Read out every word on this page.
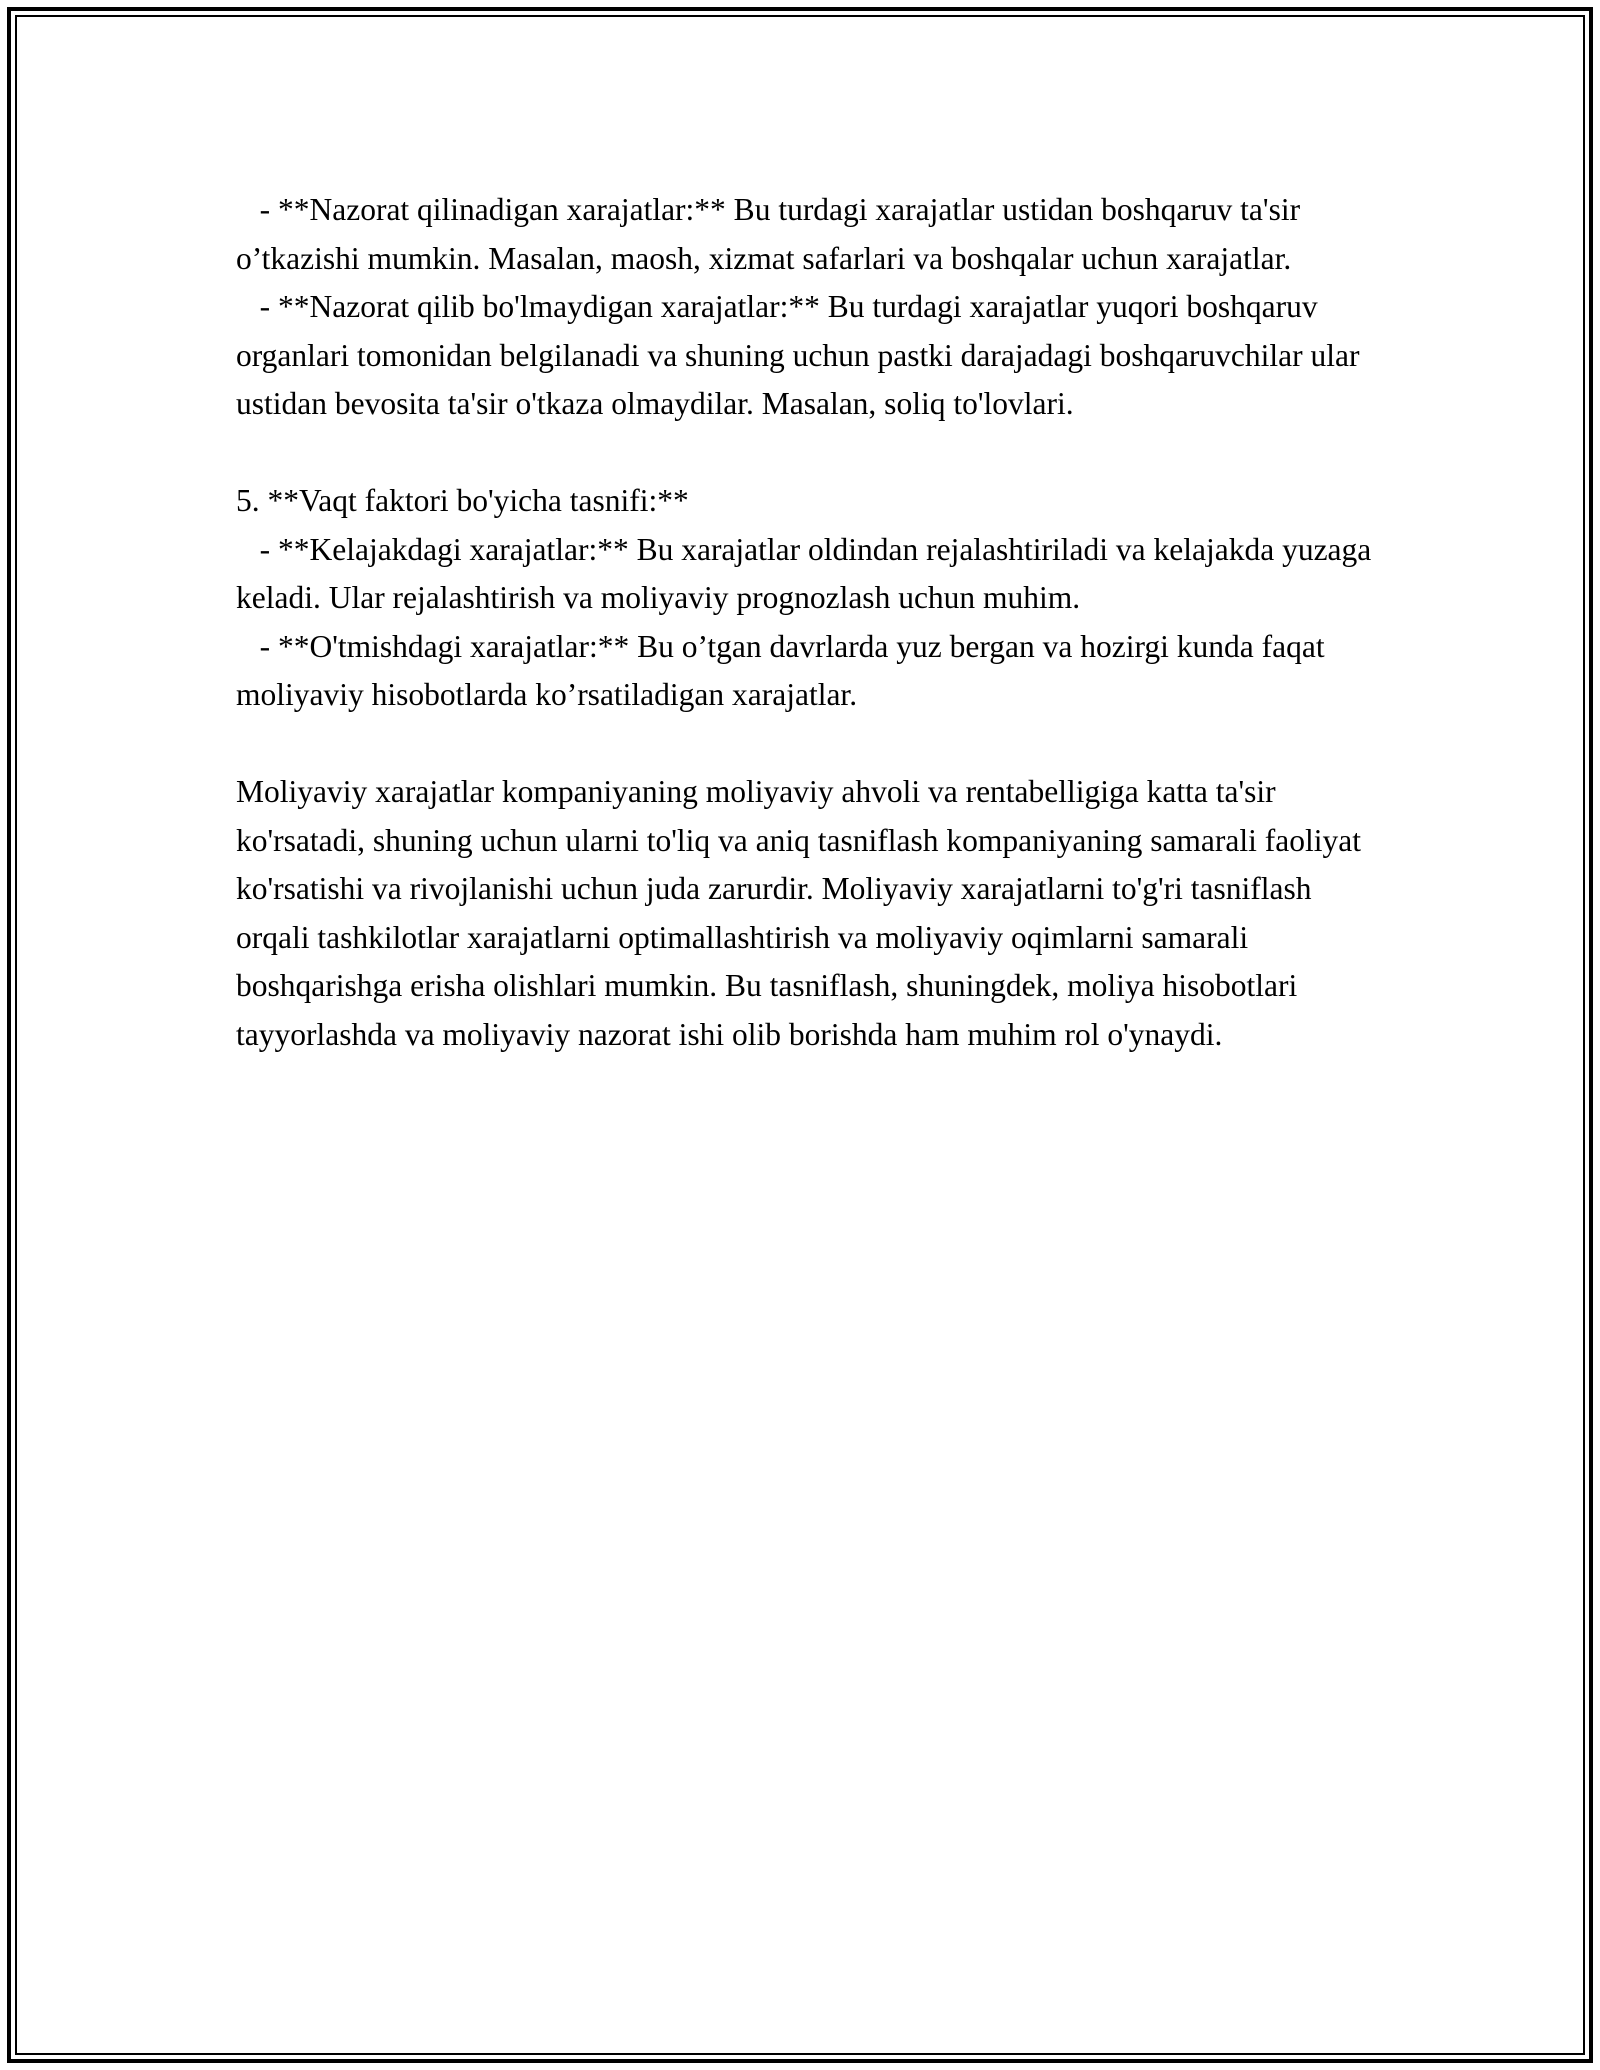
- **Nazorat qilinadigan xarajatlar:** Bu turdagi xarajatlar ustidan boshqaruv ta'sir o’tkazishi mumkin. Masalan, maosh, xizmat safarlari va boshqalar uchun xarajatlar.

- **Nazorat qilib bo'lmaydigan xarajatlar:** Bu turdagi xarajatlar yuqori boshqaruv organlari tomonidan belgilanadi va shuning uchun pastki darajadagi boshqaruvchilar ular ustidan bevosita ta'sir o'tkaza olmaydilar. Masalan, soliq to'lovlari.

5. **Vaqt faktori bo'yicha tasnifi:**

- **Kelajakdagi xarajatlar:** Bu xarajatlar oldindan rejalashtiriladi va kelajakda yuzaga keladi. Ular rejalashtirish va moliyaviy prognozlash uchun muhim.

- **O'tmishdagi xarajatlar:** Bu o’tgan davrlarda yuz bergan va hozirgi kunda faqat moliyaviy hisobotlarda ko’rsatiladigan xarajatlar.

Moliyaviy xarajatlar kompaniyaning moliyaviy ahvoli va rentabelligiga katta ta'sir ko'rsatadi, shuning uchun ularni to'liq va aniq tasniflash kompaniyaning samarali faoliyat ko'rsatishi va rivojlanishi uchun juda zarurdir. Moliyaviy xarajatlarni to'g'ri tasniflash orqali tashkilotlar xarajatlarni optimallashtirish va moliyaviy oqimlarni samarali boshqarishga erisha olishlari mumkin. Bu tasniflash, shuningdek, moliya hisobotlari tayyorlashda va moliyaviy nazorat ishi olib borishda ham muhim rol o'ynaydi.
